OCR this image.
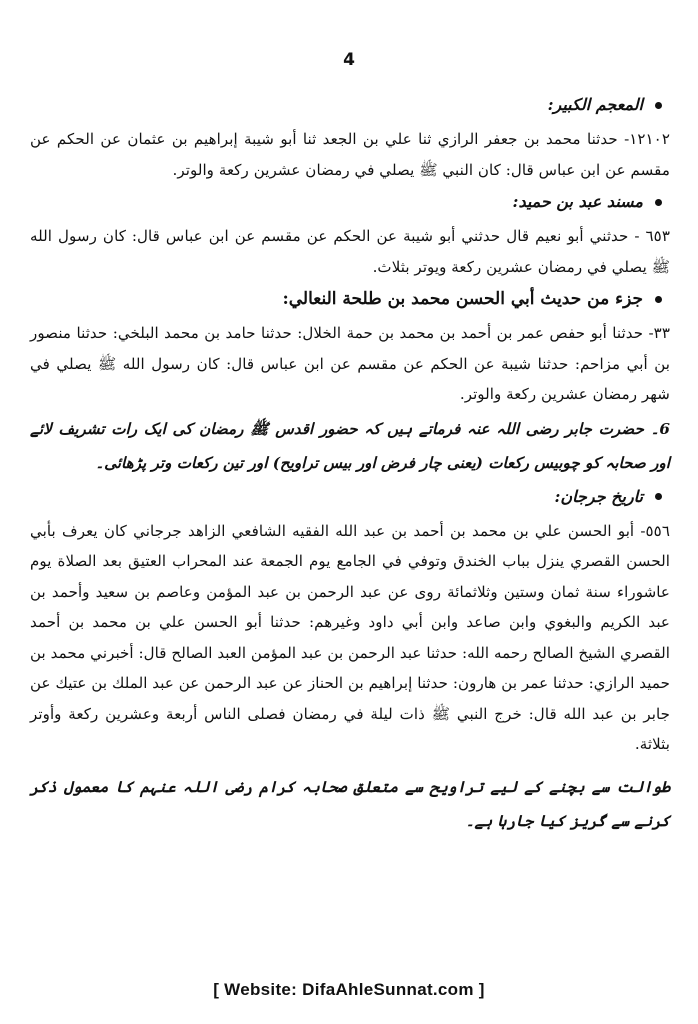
4
المعجم الكبير:

١٢١٠٢- حدثنا محمد بن جعفر الرازي ثنا علي بن الجعد ثنا أبو شيبة إبراهيم بن عثمان عن الحكم عن مقسم عن ابن عباس قال: كان النبي ﷺ يصلي في رمضان عشرين ركعة والوتر.

مسند عبد بن حمید:

٦٥٣ - حدثني أبو نعيم قال حدثني أبو شيبة عن الحكم عن مقسم عن ابن عباس قال: كان رسول الله ﷺ يصلي في رمضان عشرين ركعة ويوتر بثلاث.

جزء من حديث أبي الحسن محمد بن طلحة النعالي:

٣٣- حدثنا أبو حفص عمر بن أحمد بن محمد بن حمة الخلال: حدثنا حامد بن محمد البلخي: حدثنا منصور بن أبي مزاحم: حدثنا شيبة عن الحكم عن مقسم عن ابن عباس قال: كان رسول الله ﷺ يصلي في شهر رمضان عشرين ركعة والوتر.

6۔ حضرت جابر رضی اللہ عنہ فرماتے ہیں کہ حضور اقدس ﷺ رمضان کی ایک رات تشریف لائے اور صحابہ کو چوبیس رکعات (یعنی چار فرض اور بیس تراویح) اور تین رکعات وتر پڑھائی۔

تاریخ جرجان:

٥٥٦- أبو الحسن علي بن محمد بن أحمد بن عبد الله الفقيه الشافعي الزاهد جرجاني كان يعرف بأبي الحسن القصري ينزل بباب الخندق وتوفي في الجامع يوم الجمعة عند المحراب العتيق بعد الصلاة يوم عاشوراء سنة ثمان وستين وثلاثمائة روى عن عبد الرحمن بن عبد المؤمن وعاصم بن سعيد وأحمد بن عبد الكريم والبغوي وابن صاعد وابن أبي داود وغيرهم: حدثنا أبو الحسن علي بن محمد بن أحمد القصري الشيخ الصالح رحمه الله: حدثنا عبد الرحمن بن عبد المؤمن العبد الصالح قال: أخبرني محمد بن حميد الرازي: حدثنا عمر بن هارون: حدثنا إبراهيم بن الحناز عن عبد الرحمن عن عبد الملك بن عتيك عن جابر بن عبد الله قال: خرج النبي ﷺ ذات ليلة في رمضان فصلى الناس أربعة وعشرين ركعة وأوتر بثلاثة.

طوالت سے بچنے کے لیے تراویح سے متعلق صحابہ کرام رضی اللہ عنہم کا معمول ذکر کرنے سے گریز کیا جارہا ہے۔

[ Website: DifaAhleSunnat.com ]
